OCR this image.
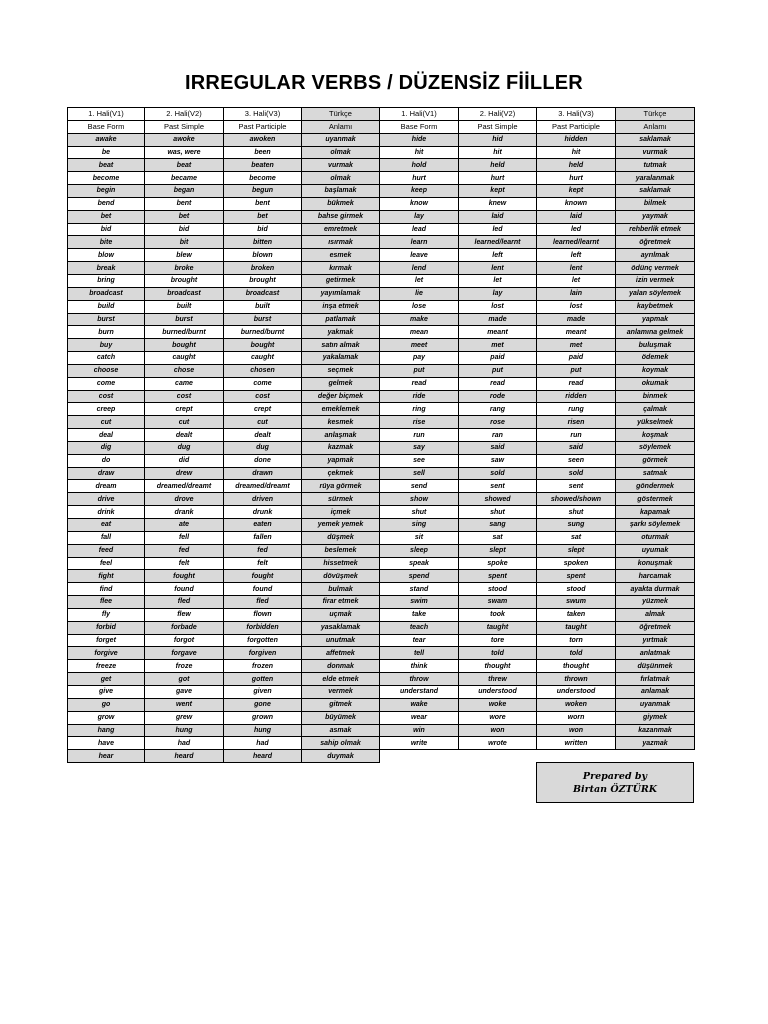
IRREGULAR VERBS / DÜZENSİZ FİİLLER
1. Hali(V1)	2. Hali(V2)	3. Hali(V3)	Türkçe	1. Hali(V1)	2. Hali(V2)	3. Hali(V3)	Türkçe
Base Form	Past Simple	Past Participle	Anlamı	Base Form	Past Simple	Past Participle	Anlamı
awake	awoke	awoken	uyanmak	hide	hid	hidden	saklamak
be	was, were	been	olmak	hit	hit	hit	vurmak
beat	beat	beaten	vurmak	hold	held	held	tutmak
become	became	become	olmak	hurt	hurt	hurt	yaralanmak
begin	began	begun	başlamak	keep	kept	kept	saklamak
bend	bent	bent	bükmek	know	knew	known	bilmek
bet	bet	bet	bahse girmek	lay	laid	laid	yaymak
bid	bid	bid	emretmek	lead	led	led	rehberlik etmek
bite	bit	bitten	ısırmak	learn	learned/learnt	learned/learnt	öğretmek
blow	blew	blown	esmek	leave	left	left	ayrılmak
break	broke	broken	kırmak	lend	lent	lent	ödünç vermek
bring	brought	brought	getirmek	let	let	let	izin vermek
broadcast	broadcast	broadcast	yayımlamak	lie	lay	lain	yalan söylemek
build	built	built	inşa etmek	lose	lost	lost	kaybetmek
burst	burst	burst	patlamak	make	made	made	yapmak
burn	burned/burnt	burned/burnt	yakmak	mean	meant	meant	anlamına gelmek
buy	bought	bought	satın almak	meet	met	met	buluşmak
catch	caught	caught	yakalamak	pay	paid	paid	ödemek
choose	chose	chosen	seçmek	put	put	put	koymak
come	came	come	gelmek	read	read	read	okumak
cost	cost	cost	değer biçmek	ride	rode	ridden	binmek
creep	crept	crept	emeklemek	ring	rang	rung	çalmak
cut	cut	cut	kesmek	rise	rose	risen	yükselmek
deal	dealt	dealt	anlaşmak	run	ran	run	koşmak
dig	dug	dug	kazmak	say	said	said	söylemek
do	did	done	yapmak	see	saw	seen	görmek
draw	drew	drawn	çekmek	sell	sold	sold	satmak
dream	dreamed/dreamt	dreamed/dreamt	rüya görmek	send	sent	sent	göndermek
drive	drove	driven	sürmek	show	showed	showed/shown	göstermek
drink	drank	drunk	içmek	shut	shut	shut	kapamak
eat	ate	eaten	yemek yemek	sing	sang	sung	şarkı söylemek
fall	fell	fallen	düşmek	sit	sat	sat	oturmak
feed	fed	fed	beslemek	sleep	slept	slept	uyumak
feel	felt	felt	hissetmek	speak	spoke	spoken	konuşmak
fight	fought	fought	dövüşmek	spend	spent	spent	harcamak
find	found	found	bulmak	stand	stood	stood	ayakta durmak
flee	fled	fled	firar etmek	swim	swam	swum	yüzmek
fly	flew	flown	uçmak	take	took	taken	almak
forbid	forbade	forbidden	yasaklamak	teach	taught	taught	öğretmek
forget	forgot	forgotten	unutmak	tear	tore	torn	yırtmak
forgive	forgave	forgiven	affetmek	tell	told	told	anlatmak
freeze	froze	frozen	donmak	think	thought	thought	düşünmek
get	got	gotten	elde etmek	throw	threw	thrown	fırlatmak
give	gave	given	vermek	understand	understood	understood	anlamak
go	went	gone	gitmek	wake	woke	woken	uyanmak
grow	grew	grown	büyümek	wear	wore	worn	giymek
hang	hung	hung	asmak	win	won	won	kazanmak
have	had	had	sahip olmak	write	wrote	written	yazmak
hear	heard	heard	duymak				
Prepared by
Birtan ÖZTÜRK
